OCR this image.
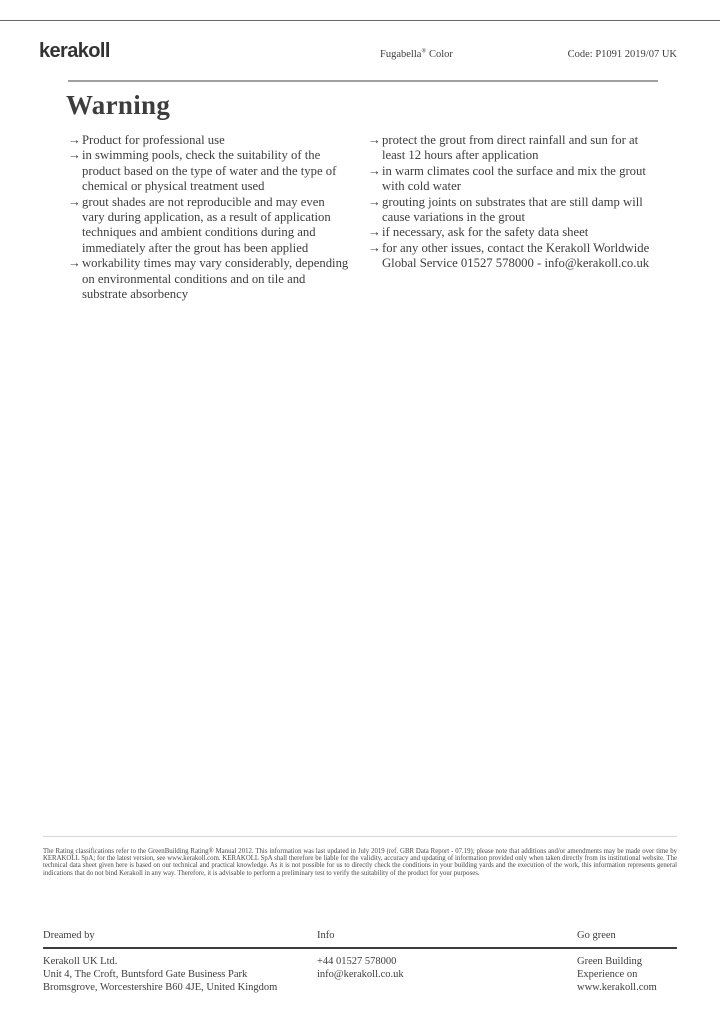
kerakoll	Fugabella® Color	Code: P1091 2019/07 UK
Warning
→ Product for professional use
→ in swimming pools, check the suitability of the product based on the type of water and the type of chemical or physical treatment used
→ grout shades are not reproducible and may even vary during application, as a result of application techniques and ambient conditions during and immediately after the grout has been applied
→ workability times may vary considerably, depending on environmental conditions and on tile and substrate absorbency
→ protect the grout from direct rainfall and sun for at least 12 hours after application
→ in warm climates cool the surface and mix the grout with cold water
→ grouting joints on substrates that are still damp will cause variations in the grout
→ if necessary, ask for the safety data sheet
→ for any other issues, contact the Kerakoll Worldwide Global Service 01527 578000 - info@kerakoll.co.uk

The Rating classifications refer to the GreenBuilding Rating® Manual 2012. This information was last updated in July 2019 (ref. GBR Data Report - 07.19); please note that additions and/or amendments may be made over time by KERAKOLL SpA; for the latest version, see www.kerakoll.com. KERAKOLL SpA shall therefore be liable for the validity, accuracy and updating of information provided only when taken directly from its institutional website. The technical data sheet given here is based on our technical and practical knowledge. As it is not possible for us to directly check the conditions in your building yards and the execution of the work, this information represents general indications that do not bind Kerakoll in any way. Therefore, it is advisable to perform a preliminary test to verify the suitability of the product for your purposes.

Dreamed by
Kerakoll UK Ltd.
Unit 4, The Croft, Buntsford Gate Business Park
Bromsgrove, Worcestershire B60 4JE, United Kingdom
Info
+44 01527 578000
info@kerakoll.co.uk
Go green
Green Building
Experience on
www.kerakoll.com
